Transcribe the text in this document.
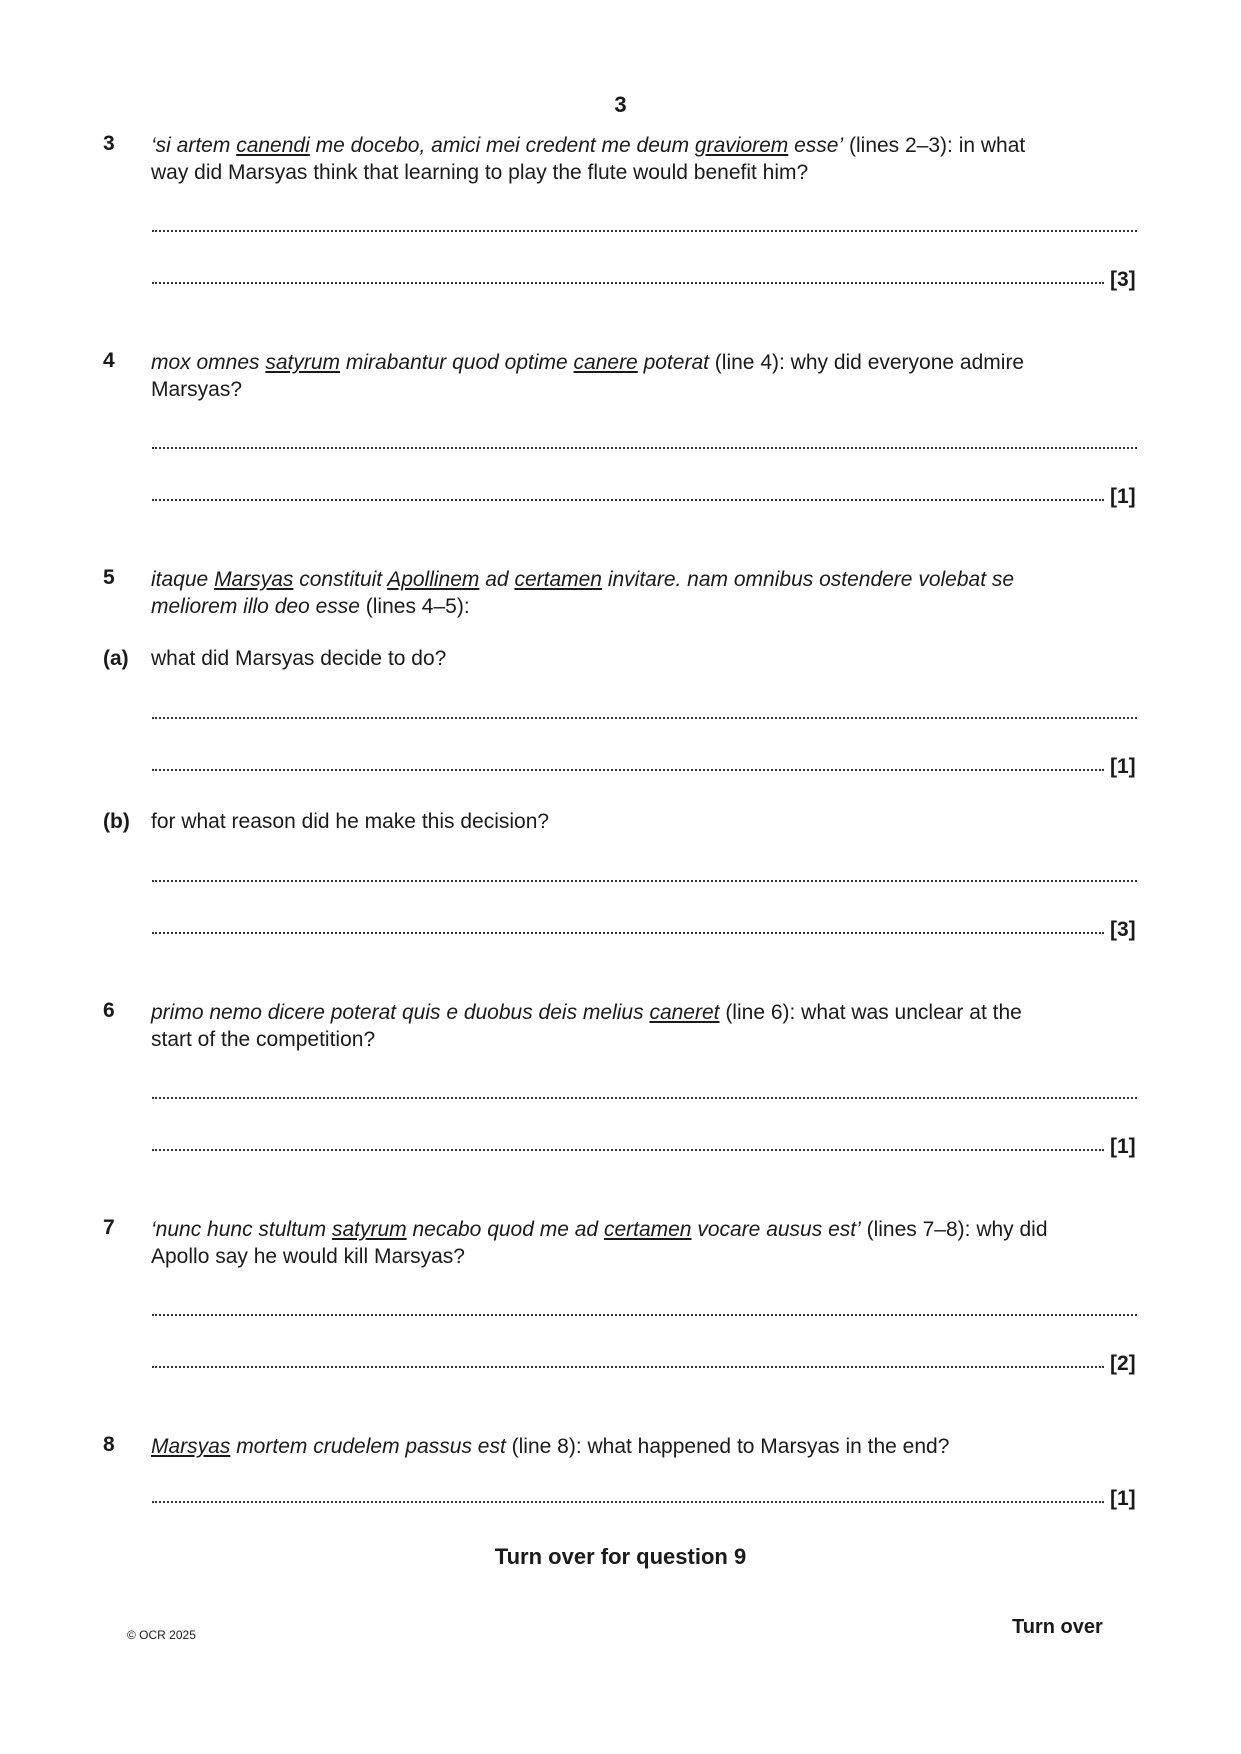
3
3 ‘si artem canendi me docebo, amici mei credent me deum graviorem esse’ (lines 2–3): in what
way did Marsyas think that learning to play the flute would benefit him?
[3]
4 mox omnes satyrum mirabantur quod optime canere poterat (line 4): why did everyone admire
Marsyas?
[1]
5 itaque Marsyas constituit Apollinem ad certamen invitare. nam omnibus ostendere volebat se
meliorem illo deo esse (lines 4–5):
(a) what did Marsyas decide to do?
[1]
(b) for what reason did he make this decision?
[3]
6 primo nemo dicere poterat quis e duobus deis melius caneret (line 6): what was unclear at the
start of the competition?
[1]
7 ‘nunc hunc stultum satyrum necabo quod me ad certamen vocare ausus est’ (lines 7–8): why did
Apollo say he would kill Marsyas?
[2]
8 Marsyas mortem crudelem passus est (line 8): what happened to Marsyas in the end?
[1]
Turn over for question 9
© OCR 2025	Turn over
